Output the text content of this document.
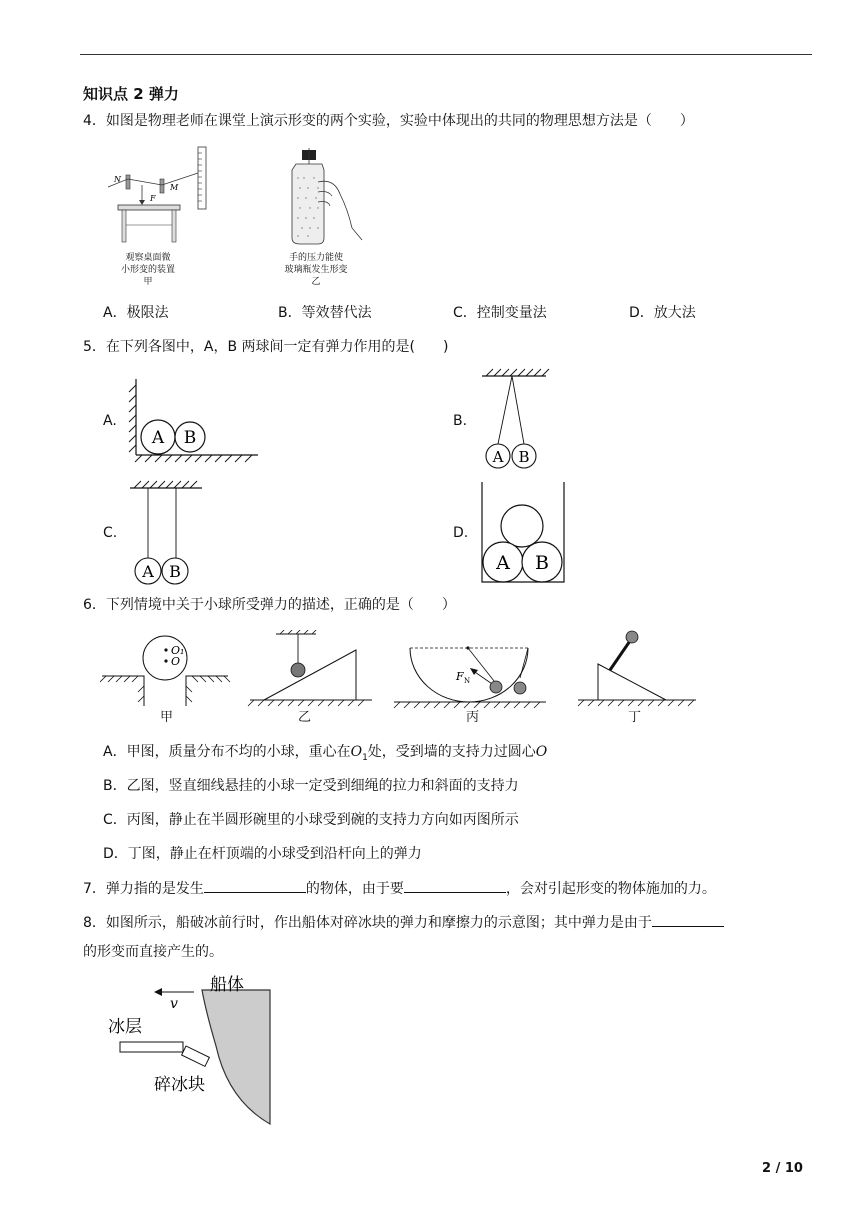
知识点 2 弹力
4．如图是物理老师在课堂上演示形变的两个实验，实验中体现出的共同的物理思想方法是（　　）
N
M
F
观察桌面微
小形变的装置
甲
手的压力能使
玻璃瓶发生形变
乙
A．极限法	B．等效替代法	C．控制变量法	D．放大法
5．在下列各图中，A，B 两球间一定有弹力作用的是(　　)
A.
A B
B.
A B
C.
A B
D.
A B
6．下列情境中关于小球所受弹力的描述，正确的是（　　）
O₁
O
F N
甲	乙	丙	丁
A．甲图，质量分布不均的小球，重心在$O_1$处，受到墙的支持力过圆心O
B．乙图，竖直细线悬挂的小球一定受到细绳的拉力和斜面的支持力
C．丙图，静止在半圆形碗里的小球受到碗的支持力方向如丙图所示
D．丁图，静止在杆顶端的小球受到沿杆向上的弹力
7．弹力指的是发生	的物体，由于要	，会对引起形变的物体施加的力。
8．如图所示，船破冰前行时，作出船体对碎冰块的弹力和摩擦力的示意图；其中弹力是由于
的形变而直接产生的。
船体
冰层
碎冰块
v
2 / 10
